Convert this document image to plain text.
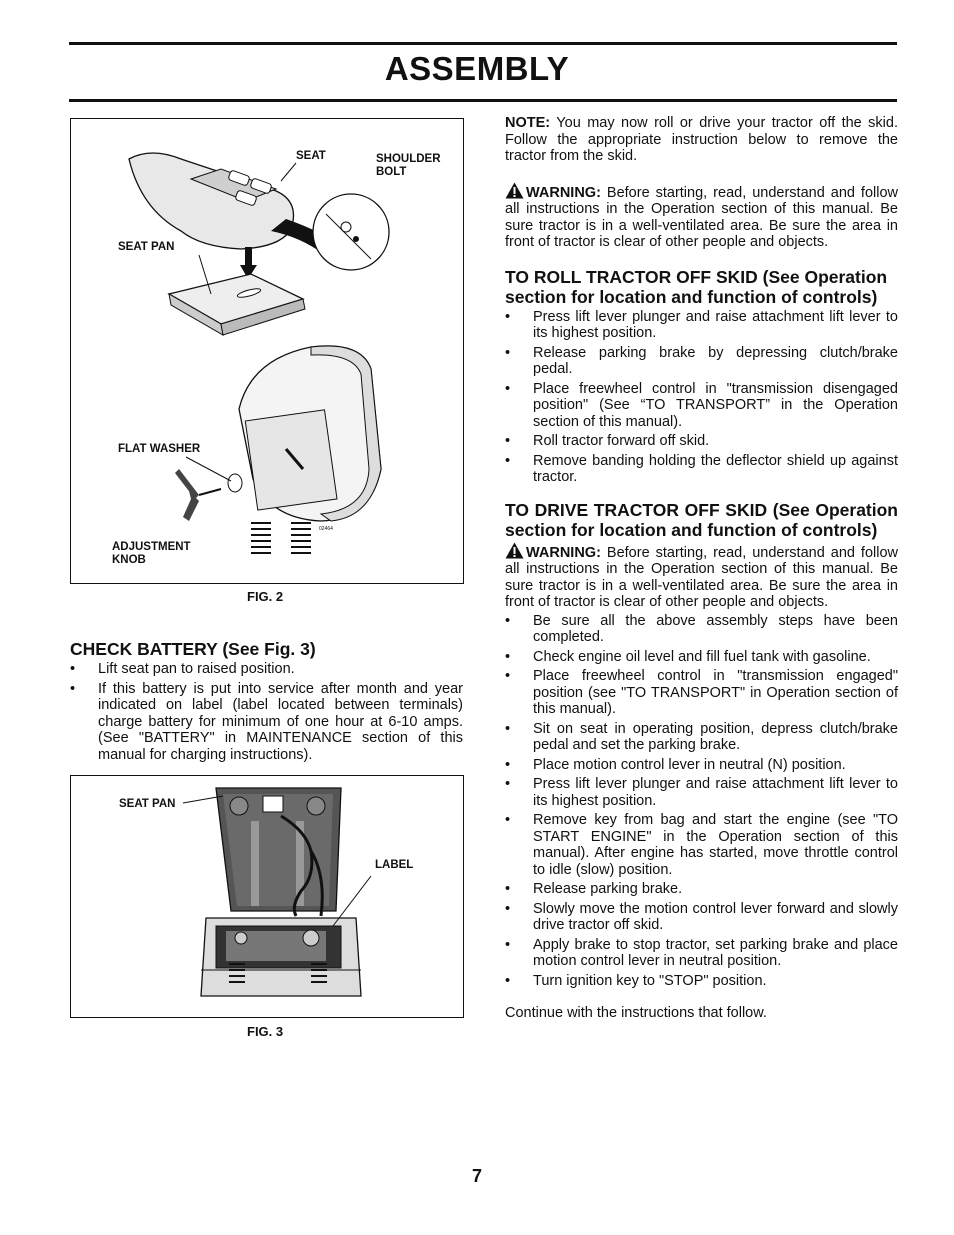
ASSEMBLY
SEAT	SHOULDER
BOLT
SEAT PAN
FLAT WASHER
ADJUSTMENT
KNOB
02464
FIG. 2

CHECK BATTERY (See Fig. 3)

• Lift seat pan to raised position.
• If this battery is put into service after month and year indicated on label (label located between terminals) charge battery for minimum of one hour at 6-10 amps. (See "BATTERY" in MAINTENANCE section of this manual for charging instructions).
SEAT PAN
LABEL
FIG. 3

NOTE: You may now roll or drive your tractor off the skid. Follow the appropriate instruction below to remove the tractor from the skid.

WARNING: Before starting, read, understand and follow all instructions in the Operation section of this manual. Be sure tractor is in a well-ventilated area. Be sure the area in front of tractor is clear of other people and objects.

TO ROLL TRACTOR OFF SKID (See Operation section for location and function of controls)

• Press lift lever plunger and raise attachment lift lever to its highest position.
• Release parking brake by depressing clutch/brake pedal.
• Place freewheel control in "transmission disengaged position" (See “TO TRANSPORT” in the Operation section of this manual).
• Roll tractor forward off skid.
• Remove banding holding the deflector shield up against tractor.

TO DRIVE TRACTOR OFF SKID (See Operation section for location and function of controls)

WARNING: Before starting, read, understand and follow all instructions in the Operation section of this manual. Be sure tractor is in a well-ventilated area. Be sure the area in front of tractor is clear of other people and objects.

• Be sure all the above assembly steps have been completed.
• Check engine oil level and fill fuel tank with gasoline.
• Place freewheel control in "transmission engaged" position (see "TO TRANSPORT" in Operation section of this manual).
• Sit on seat in operating position, depress clutch/brake pedal and set the parking brake.
• Place motion control lever in neutral (N) position.
• Press lift lever plunger and raise attachment lift lever to its highest position.
• Remove key from bag and start the engine (see "TO START ENGINE" in the Operation section of this manual). After engine has started, move throttle control to idle (slow) position.
• Release parking brake.
• Slowly move the motion control lever forward and slowly drive tractor off skid.
• Apply brake to stop tractor, set parking brake and place motion control lever in neutral position.
• Turn ignition key to "STOP" position.

Continue with the instructions that follow.

7
